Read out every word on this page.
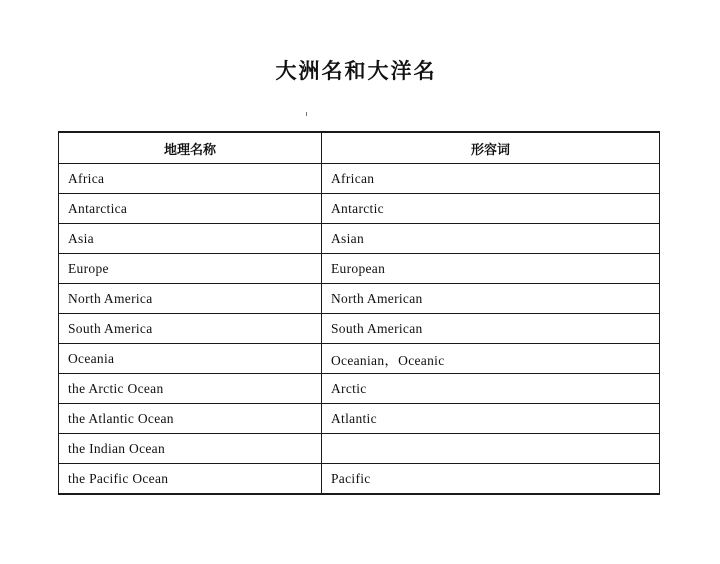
大洲名和大洋名
地理名称	形容词
Africa	African
Antarctica	Antarctic
Asia	Asian
Europe	European
North America	North American
South America	South American
Oceania	Oceanian，Oceanic
the Arctic Ocean	Arctic
the Atlantic Ocean	Atlantic
the Indian Ocean	
the Pacific Ocean	Pacific
